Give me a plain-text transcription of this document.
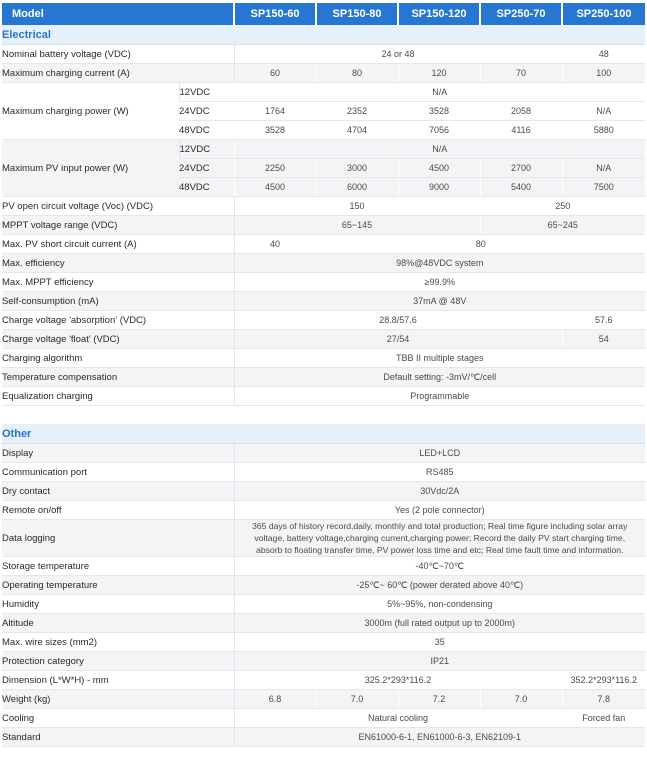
Model		SP150-60	SP150-80	SP150-120	SP250-70	SP250-100
Electrical						
Nominal battery voltage (VDC)		24 or 48				48
Maximum charging current (A)		60	80	120	70	100
Maximum charging power (W)	12VDC	N/A				
	24VDC	1764	2352	3528	2058	N/A
	48VDC	3528	4704	7056	4116	5880
Maximum PV input power (W)	12VDC	N/A				
	24VDC	2250	3000	4500	2700	N/A
	48VDC	4500	6000	9000	5400	7500
PV open circuit voltage (Voc) (VDC)		150			250	
MPPT voltage range (VDC)		65~145			65~245	
Max. PV short circuit current (A)		40	80			
Max. efficiency		98%@48VDC system				
Max. MPPT efficiency		≥99.9%				
Self-consumption (mA)		37mA @ 48V				
Charge voltage 'absorption' (VDC)		28.8/57.6				57.6
Charge voltage 'float' (VDC)		27/54				54
Charging algorithm		TBB II multiple stages				
Temperature compensation		Default setting: -3mV/℃/cell				
Equalization charging		Programmable				

Other						
Display		LED+LCD				
Communication port		RS485				
Dry contact		30Vdc/2A				
Remote on/off		Yes (2 pole connector)				
Data logging		365 days of history record,daily, monthly and total production; Real time figure including solar array
voltage, battery voltage,charging current,charging power; Record the daily PV start charging time,
absorb to floating transfer time, PV power loss time and etc; Real time fault time and information.				

Storage temperature		-40℃~70℃				
Operating temperature		-25℃~ 60℃ (power derated above 40℃)				
Humidity		5%~95%, non-condensing				
Altitude		3000m (full rated output up to 2000m)				
Max. wire sizes (mm2)		35				
Protection category		IP21				
Dimension (L*W*H) - mm		325.2*293*116.2				352.2*293*116.2
Weight (kg)		6.8	7.0	7.2	7.0	7.8
Cooling		Natural cooling				Forced fan
Standard		EN61000-6-1, EN61000-6-3, EN62109-1				
